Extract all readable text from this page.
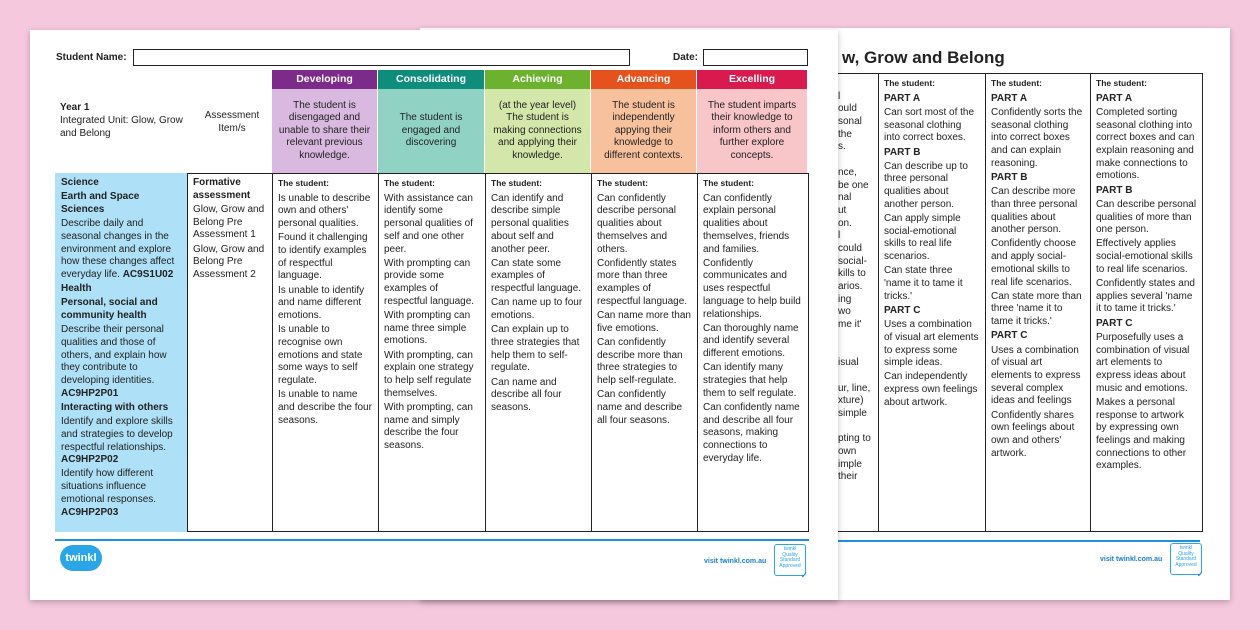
w, Grow and Belong
l
ould
sonal
the
s.
nce,
be one
nal
ut
on.
l
could
social-
kills to
arios.
ing
wo
me it'
isual
ur, line,
xture)
simple
pting to
own
imple
their
The student:

PART A

Can sort most of the seasonal clothing into correct boxes.

PART B

Can describe up to three personal qualities about another person.

Can apply simple social-emotional skills to real life scenarios.

Can state three 'name it to tame it tricks.'

PART C

Uses a combination of visual art elements to express some simple ideas.

Can independently express own feelings about artwork.

The student:

PART A

Confidently sorts the seasonal clothing into correct boxes and can explain reasoning.

PART B

Can describe more than three personal qualities about another person.

Confidently choose and apply social-emotional skills to real life scenarios.

Can state more than three 'name it to tame it tricks.'

PART C

Uses a combination of visual art elements to express several complex ideas and feelings

Confidently shares own feelings about own and others' artwork.

The student:

PART A

Completed sorting seasonal clothing into correct boxes and can explain reasoning and make connections to emotions.

PART B

Can describe personal qualities of more than one person.

Effectively applies social-emotional skills to real life scenarios.

Confidently states and applies several 'name it to tame it tricks.'

PART C

Purposefully uses a combination of visual art elements to express ideas about music and emotions.

Makes a personal response to artwork by expressing own feelings and making connections to other examples.

visit twinkl.com.au
twinkl Quality Standard Approved
✓
Student Name:	Date:
Year 1
Integrated Unit: Glow, Grow and Belong
Assessment Item/s
Developing
The student is disengaged and unable to share their relevant previous knowledge.
Consolidating
The student is engaged and discovering
Achieving
(at the year level)
The student is making connections and applying their knowledge.
Advancing
The student is independently appying their knowledge to different contexts.
Excelling
The student imparts their knowledge to inform others and further explore concepts.

Science

Earth and Space Sciences

Describe daily and seasonal changes in the environment and explore how these changes affect everyday life. AC9S1U02

Health

Personal, social and community health

Describe their personal qualities and those of others, and explain how they contribute to developing identities. AC9HP2P01

Interacting with others

Identify and explore skills and strategies to develop respectful relationships. AC9HP2P02

Identify how different situations influence emotional responses. AC9HP2P03

Formative assessment

Glow, Grow and Belong Pre Assessment 1

Glow, Grow and Belong Pre Assessment 2

The student:

Is unable to describe own and others' personal qualities.

Found it challenging to identify examples of respectful language.

Is unable to identify and name different emotions.

Is unable to recognise own emotions and state some ways to self regulate.

Is unable to name and describe the four seasons.

The student:

With assistance can identify some personal qualities of self and one other peer.

With prompting can provide some examples of respectful language.

With prompting can name three simple emotions.

With prompting, can explain one strategy to help self regulate themselves.

With prompting, can name and simply describe the four seasons.

The student:

Can identify and describe simple personal qualities about self and another peer.

Can state some examples of respectful language.

Can name up to four emotions.

Can explain up to three strategies that help them to self-regulate.

Can name and describe all four seasons.

The student:

Can confidently describe personal qualities about themselves and others.

Confidently states more than three examples of respectful language.

Can name more than five emotions.

Can confidently describe more than three strategies to help self-regulate.

Can confidently name and describe all four seasons.

The student:

Can confidently explain personal qualities about themselves, friends and families.

Confidently communicates and uses respectful language to help build relationships.

Can thoroughly name and identify several different emotions.

Can identify many strategies that help them to self regulate.

Can confidently name and describe all four seasons, making connections to everyday life.

twinkl	visit twinkl.com.au
twinkl Quality Standard Approved
✓
